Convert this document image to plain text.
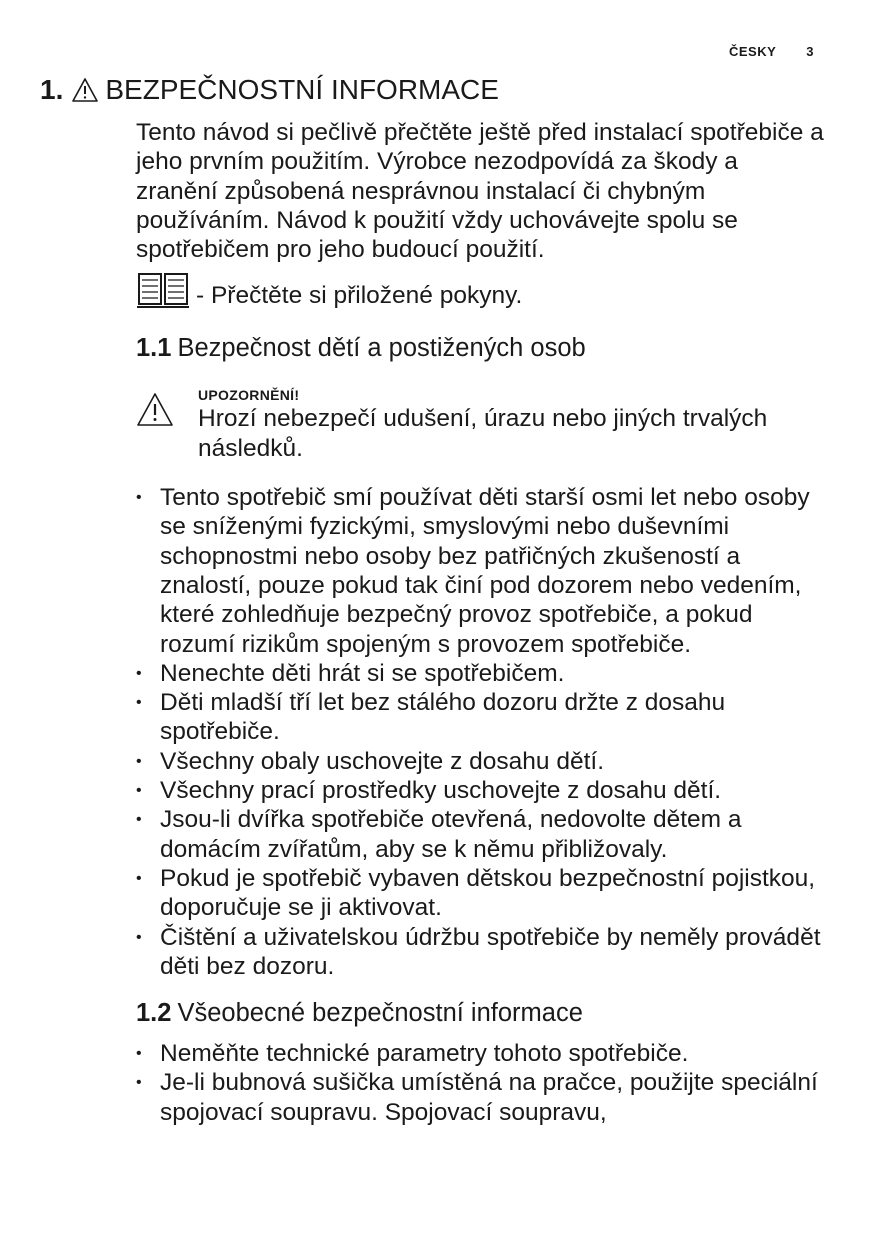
ČESKY 3
1. BEZPEČNOSTNÍ INFORMACE

Tento návod si pečlivě přečtěte ještě před instalací spotřebiče a jeho prvním použitím. Výrobce nezodpovídá za škody a zranění způsobená nesprávnou instalací či chybným používáním. Návod k použití vždy uchovávejte spolu se spotřebičem pro jeho budoucí použití.

- Přečtěte si přiložené pokyny.
1.1 Bezpečnost dětí a postižených osob
UPOZORNĚNÍ!
Hrozí nebezpečí udušení, úrazu nebo jiných trvalých následků.
• Tento spotřebič smí používat děti starší osmi let nebo osoby se sníženými fyzickými, smyslovými nebo duševními schopnostmi nebo osoby bez patřičných zkušeností a znalostí, pouze pokud tak činí pod dozorem nebo vedením, které zohledňuje bezpečný provoz spotřebiče, a pokud rozumí rizikům spojeným s provozem spotřebiče.
• Nenechte děti hrát si se spotřebičem.
• Děti mladší tří let bez stálého dozoru držte z dosahu spotřebiče.
• Všechny obaly uschovejte z dosahu dětí.
• Všechny prací prostředky uschovejte z dosahu dětí.
• Jsou-li dvířka spotřebiče otevřená, nedovolte dětem a domácím zvířatům, aby se k němu přibližovaly.
• Pokud je spotřebič vybaven dětskou bezpečnostní pojistkou, doporučuje se ji aktivovat.
• Čištění a uživatelskou údržbu spotřebiče by neměly provádět děti bez dozoru.
1.2 Všeobecné bezpečnostní informace
• Neměňte technické parametry tohoto spotřebiče.
• Je-li bubnová sušička umístěná na pračce, použijte speciální spojovací soupravu. Spojovací soupravu,
